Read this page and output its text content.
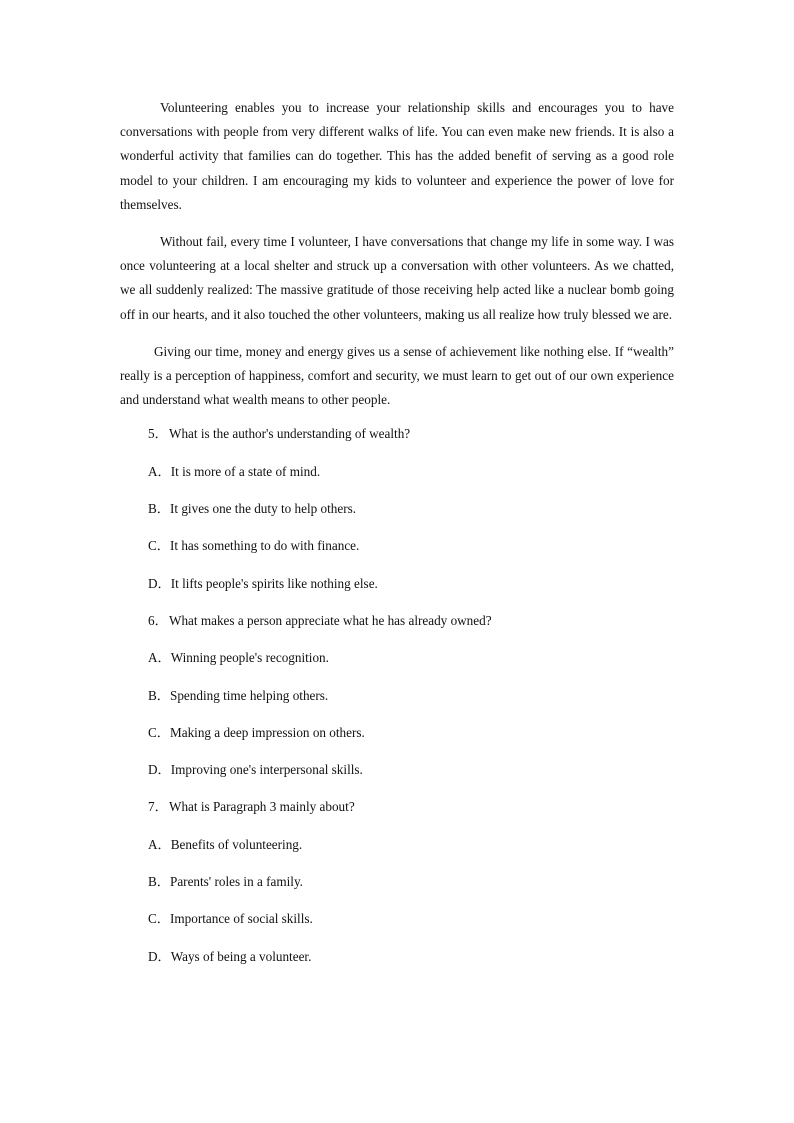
Volunteering enables you to increase your relationship skills and encourages you to have conversations with people from very different walks of life. You can even make new friends. It is also a wonderful activity that families can do together. This has the added benefit of serving as a good role model to your children. I am encouraging my kids to volunteer and experience the power of love for themselves.

Without fail, every time I volunteer, I have conversations that change my life in some way. I was once volunteering at a local shelter and struck up a conversation with other volunteers. As we chatted, we all suddenly realized: The massive gratitude of those receiving help acted like a nuclear bomb going off in our hearts, and it also touched the other volunteers, making us all realize how truly blessed we are.

Giving our time, money and energy gives us a sense of achievement like nothing else. If “wealth” really is a perception of happiness, comfort and security, we must learn to get out of our own experience and understand what wealth means to other people.

5．What is the author's understanding of wealth?
A．It is more of a state of mind.
B．It gives one the duty to help others.
C．It has something to do with finance.
D．It lifts people's spirits like nothing else.
6．What makes a person appreciate what he has already owned?
A．Winning people's recognition.
B．Spending time helping others.
C．Making a deep impression on others.
D．Improving one's interpersonal skills.
7．What is Paragraph 3 mainly about?
A．Benefits of volunteering.
B．Parents' roles in a family.
C．Importance of social skills.
D．Ways of being a volunteer.
